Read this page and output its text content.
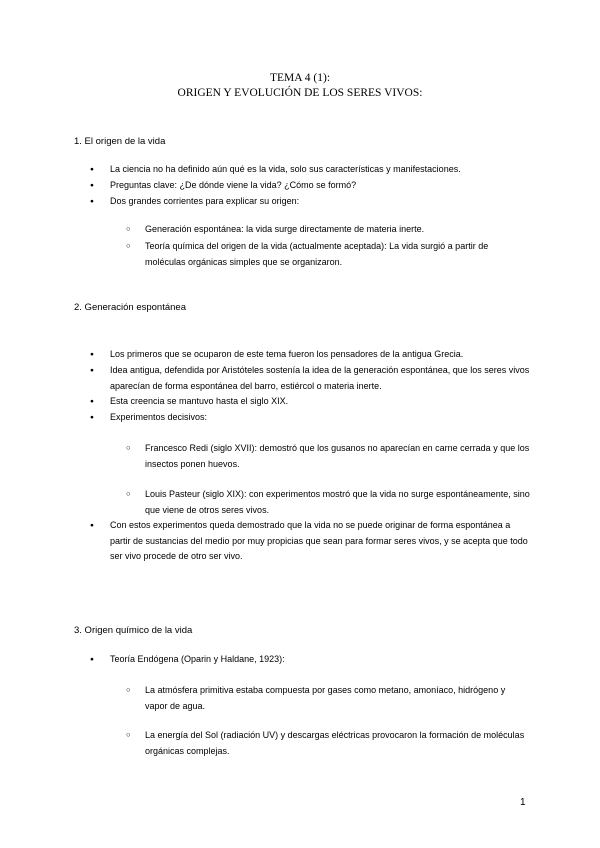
TEMA 4 (1):
ORIGEN Y EVOLUCIÓN DE LOS SERES VIVOS:
1. El origen de la vida
● La ciencia no ha definido aún qué es la vida, solo sus características y manifestaciones.
● Preguntas clave: ¿De dónde viene la vida? ¿Cómo se formó?
● Dos grandes corrientes para explicar su origen:
○ Generación espontánea: la vida surge directamente de materia inerte.
○ Teoría química del origen de la vida (actualmente aceptada): La vida surgió a partir de moléculas orgánicas simples que se organizaron.
2. Generación espontánea
● Los primeros que se ocuparon de este tema fueron los pensadores de la antigua Grecia.
● Idea antigua, defendida por Aristóteles sostenía la idea de la generación espontánea, que los seres vivos aparecían de forma espontánea del barro, estiércol o materia inerte.
● Esta creencia se mantuvo hasta el siglo XIX.
● Experimentos decisivos:
○ Francesco Redi (siglo XVII): demostró que los gusanos no aparecían en carne cerrada y que los insectos ponen huevos.
○ Louis Pasteur (siglo XIX): con experimentos mostró que la vida no surge espontáneamente, sino que viene de otros seres vivos.
● Con estos experimentos queda demostrado que la vida no se puede originar de forma espontánea a partir de sustancias del medio por muy propicias que sean para formar seres vivos, y se acepta que todo ser vivo procede de otro ser vivo.
3. Origen químico de la vida
● Teoría Endógena (Oparin y Haldane, 1923):
○ La atmósfera primitiva estaba compuesta por gases como metano, amoníaco, hidrógeno y vapor de agua.
○ La energía del Sol (radiación UV) y descargas eléctricas provocaron la formación de moléculas orgánicas complejas.
1
